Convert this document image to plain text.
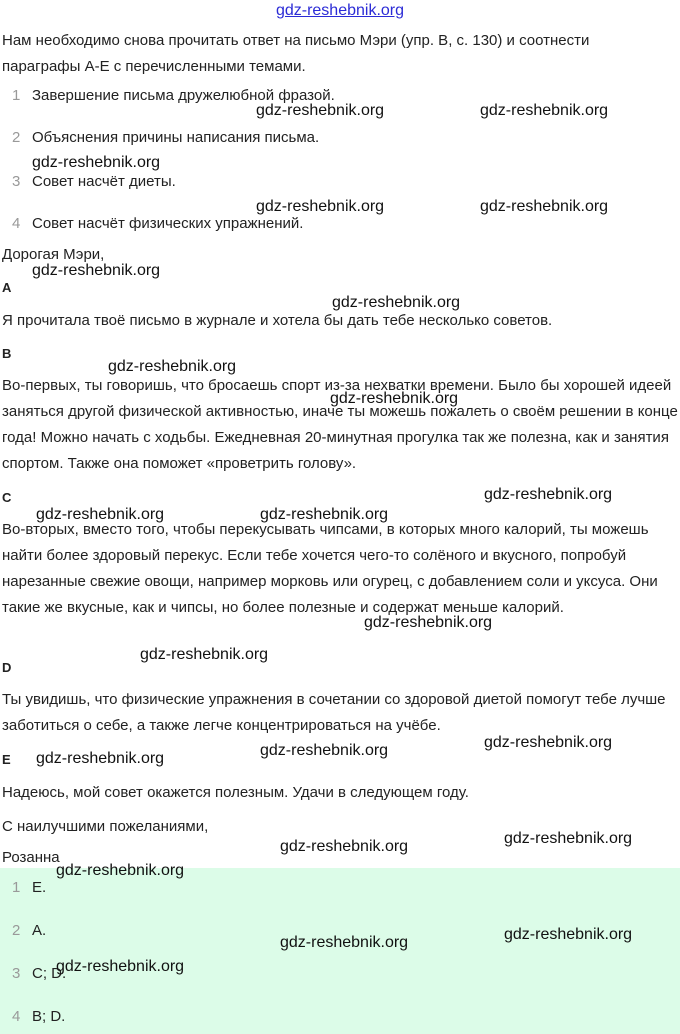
gdz-reshebnik.org
Нам необходимо снова прочитать ответ на письмо Мэри (упр. B, с. 130) и соотнести параграфы A-E с перечисленными темами.
1 Завершение письма дружелюбной фразой.
2 Объяснения причины написания письма.
3 Совет насчёт диеты.
4 Совет насчёт физических упражнений.
Дорогая Мэри,
A
Я прочитала твоё письмо в журнале и хотела бы дать тебе несколько советов.
B
Во-первых, ты говоришь, что бросаешь спорт из-за нехватки времени. Было бы хорошей идеей заняться другой физической активностью, иначе ты можешь пожалеть о своём решении в конце года! Можно начать с ходьбы. Ежедневная 20-минутная прогулка так же полезна, как и занятия спортом. Также она поможет «проветрить голову».
C
Во-вторых, вместо того, чтобы перекусывать чипсами, в которых много калорий, ты можешь найти более здоровый перекус. Если тебе хочется чего-то солёного и вкусного, попробуй нарезанные свежие овощи, например морковь или огурец, с добавлением соли и уксуса. Они такие же вкусные, как и чипсы, но более полезные и содержат меньше калорий.
D
Ты увидишь, что физические упражнения в сочетании со здоровой диетой помогут тебе лучше заботиться о себе, а также легче концентрироваться на учёбе.
E
Надеюсь, мой совет окажется полезным. Удачи в следующем году.
С наилучшими пожеланиями,
Розанна
1 E.
2 A.
3 C; D.
4 B; D.
gdz-reshebnik.org	gdz-reshebnik.org
gdz-reshebnik.org
gdz-reshebnik.org	gdz-reshebnik.org
gdz-reshebnik.org
gdz-reshebnik.org
gdz-reshebnik.org
gdz-reshebnik.org
gdz-reshebnik.org
gdz-reshebnik.org	gdz-reshebnik.org
gdz-reshebnik.org
gdz-reshebnik.org
gdz-reshebnik.org
gdz-reshebnik.org
gdz-reshebnik.org
gdz-reshebnik.org
gdz-reshebnik.org
gdz-reshebnik.org
gdz-reshebnik.org
gdz-reshebnik.org
gdz-reshebnik.org
